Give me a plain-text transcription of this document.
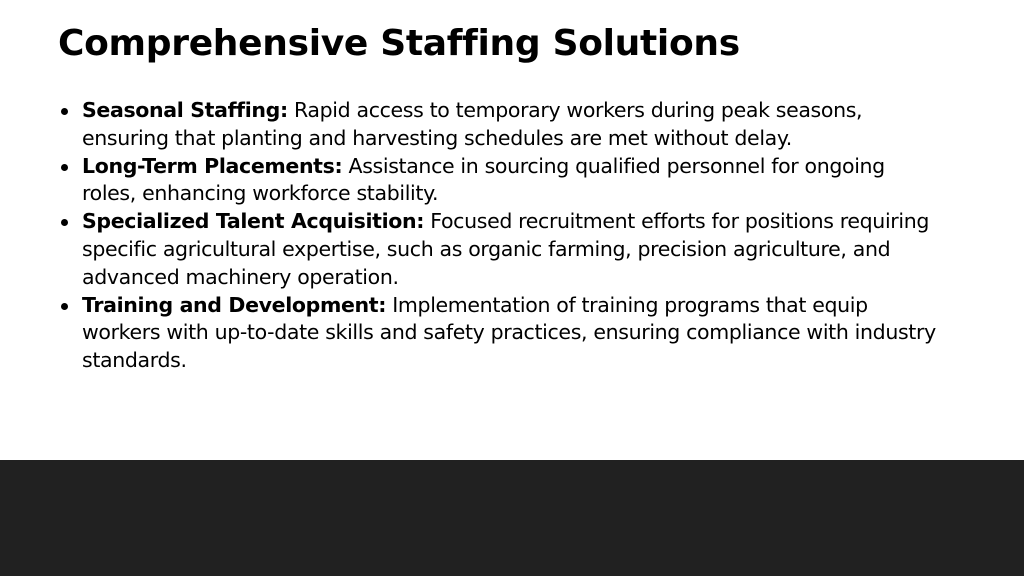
Comprehensive Staffing Solutions
Seasonal Staffing: Rapid access to temporary workers during peak seasons, ensuring that planting and harvesting schedules are met without delay.
Long-Term Placements: Assistance in sourcing qualified personnel for ongoing roles, enhancing workforce stability.
Specialized Talent Acquisition: Focused recruitment efforts for positions requiring specific agricultural expertise, such as organic farming, precision agriculture, and advanced machinery operation.
Training and Development: Implementation of training programs that equip workers with up-to-date skills and safety practices, ensuring compliance with industry standards.
